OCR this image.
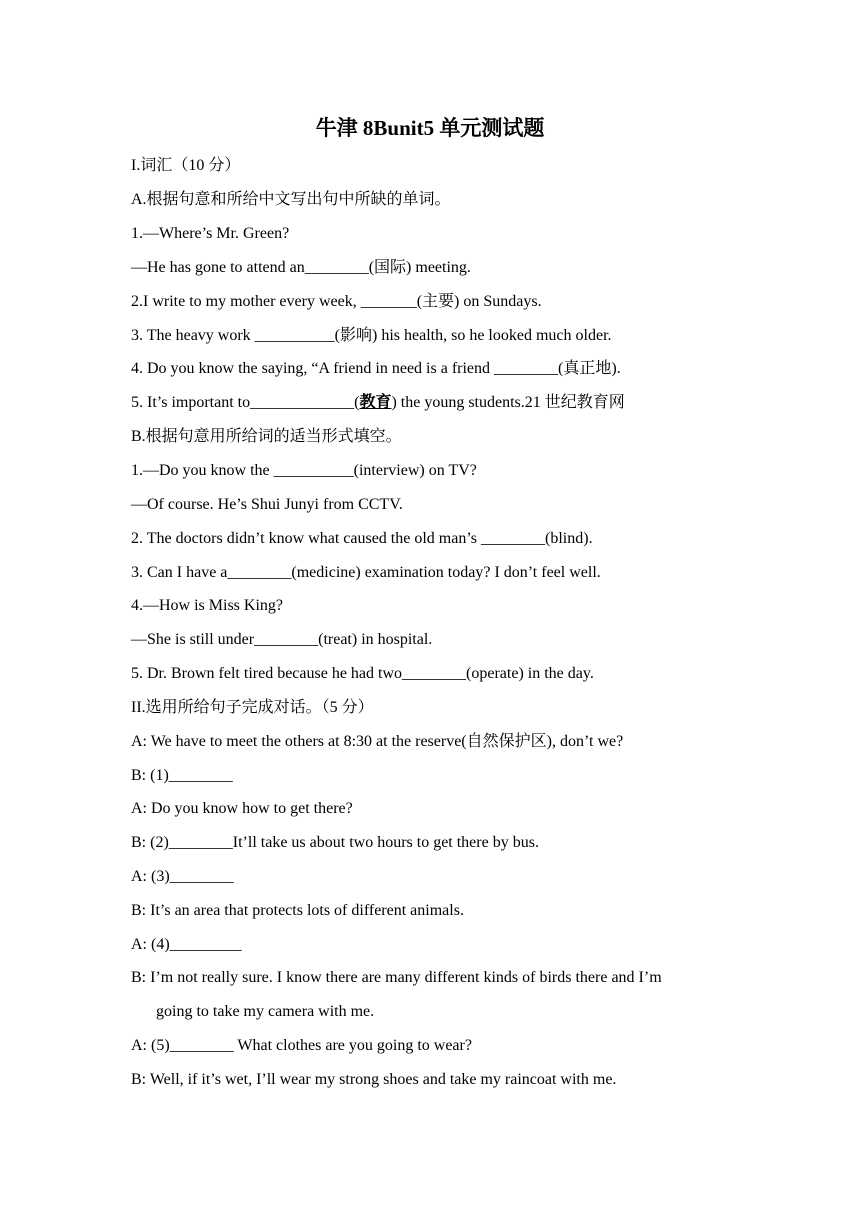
牛津 8Bunit5 单元测试题
I.词汇（10 分）
A.根据句意和所给中文写出句中所缺的单词。
1.—Where’s Mr. Green?
—He has gone to attend an________(国际) meeting.
2.I write to my mother every week, _______(主要) on Sundays.
3. The heavy work __________(影响) his health, so he looked much older.
4. Do you know the saying, “A friend in need is a friend ________(真正地).
5. It’s important to_____________(教育) the young students.21 世纪教育网
B.根据句意用所给词的适当形式填空。
1.—Do you know the __________(interview) on TV?
—Of course. He’s Shui Junyi from CCTV.
2. The doctors didn’t know what caused the old man’s ________(blind).
3. Can I have a________(medicine) examination today? I don’t feel well.
4.—How is Miss King?
—She is still under________(treat) in hospital.
5. Dr. Brown felt tired because he had two________(operate) in the day.
II.选用所给句子完成对话。（5 分）
A: We have to meet the others at 8:30 at the reserve(自然保护区), don’t we?
B: (1)________
A: Do you know how to get there?
B: (2)________It’ll take us about two hours to get there by bus.
A: (3)________
B: It’s an area that protects lots of different animals.
A: (4)_________
B: I’m not really sure. I know there are many different kinds of birds there and I’m
going to take my camera with me.
A: (5)________ What clothes are you going to wear?
B: Well, if it’s wet, I’ll wear my strong shoes and take my raincoat with me.
